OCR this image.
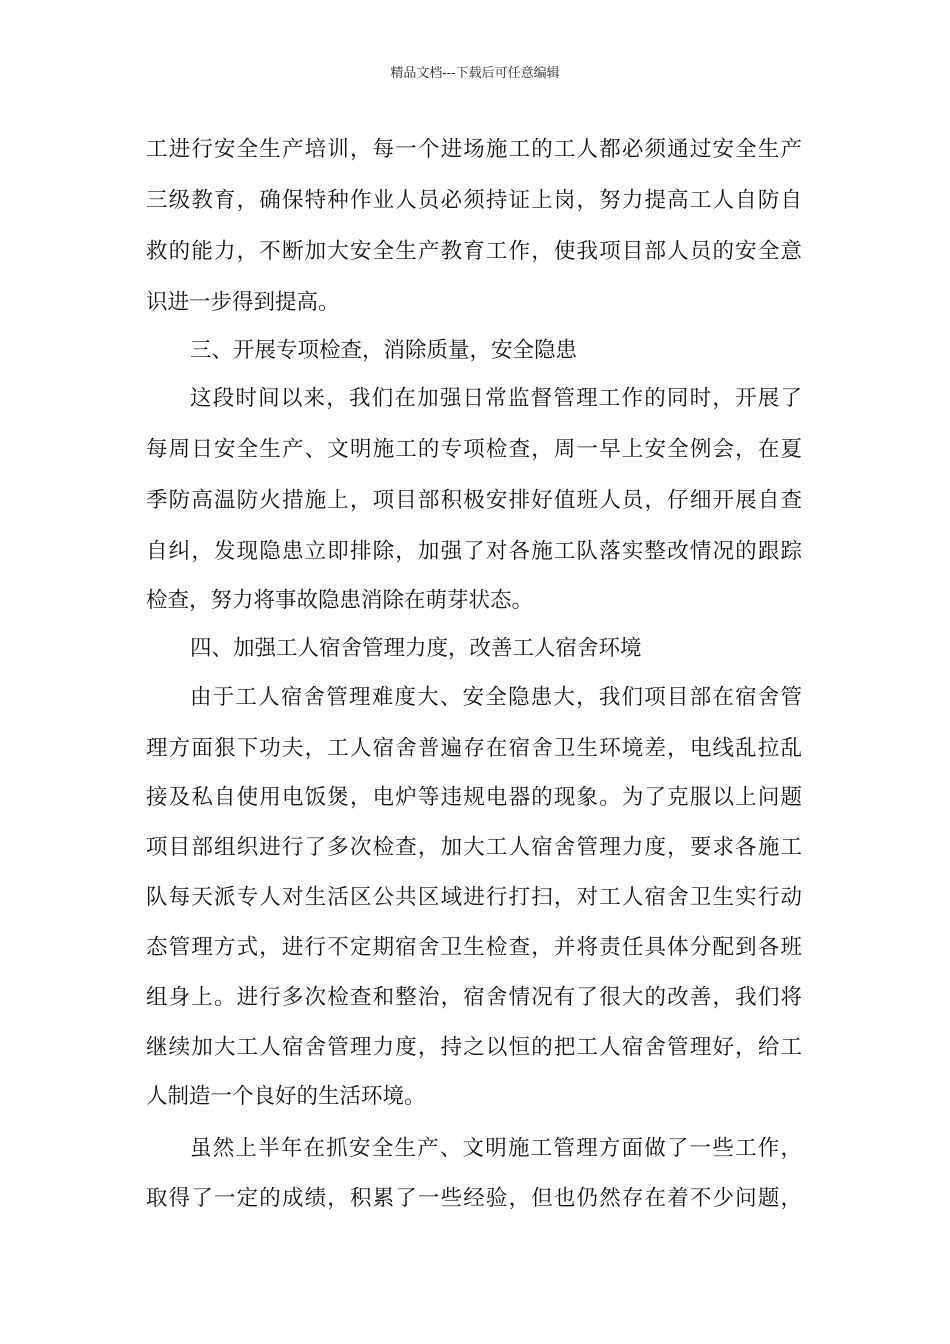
精品文档---下载后可任意编辑
工进行安全生产培训，每一个进场施工的工人都必须通过安全生产
三级教育，确保特种作业人员必须持证上岗，努力提高工人自防自
救的能力，不断加大安全生产教育工作，使我项目部人员的安全意
识进一步得到提高。
三、开展专项检查，消除质量，安全隐患
这段时间以来，我们在加强日常监督管理工作的同时，开展了
每周日安全生产、文明施工的专项检查，周一早上安全例会，在夏
季防高温防火措施上，项目部积极安排好值班人员，仔细开展自查
自纠，发现隐患立即排除，加强了对各施工队落实整改情况的跟踪
检查，努力将事故隐患消除在萌芽状态。
四、加强工人宿舍管理力度，改善工人宿舍环境
由于工人宿舍管理难度大、安全隐患大，我们项目部在宿舍管
理方面狠下功夫，工人宿舍普遍存在宿舍卫生环境差，电线乱拉乱
接及私自使用电饭煲，电炉等违规电器的现象。为了克服以上问题
项目部组织进行了多次检查，加大工人宿舍管理力度，要求各施工
队每天派专人对生活区公共区域进行打扫，对工人宿舍卫生实行动
态管理方式，进行不定期宿舍卫生检查，并将责任具体分配到各班
组身上。进行多次检查和整治，宿舍情况有了很大的改善，我们将
继续加大工人宿舍管理力度，持之以恒的把工人宿舍管理好，给工
人制造一个良好的生活环境。
虽然上半年在抓安全生产、文明施工管理方面做了一些工作，
取得了一定的成绩，积累了一些经验，但也仍然存在着不少问题，
